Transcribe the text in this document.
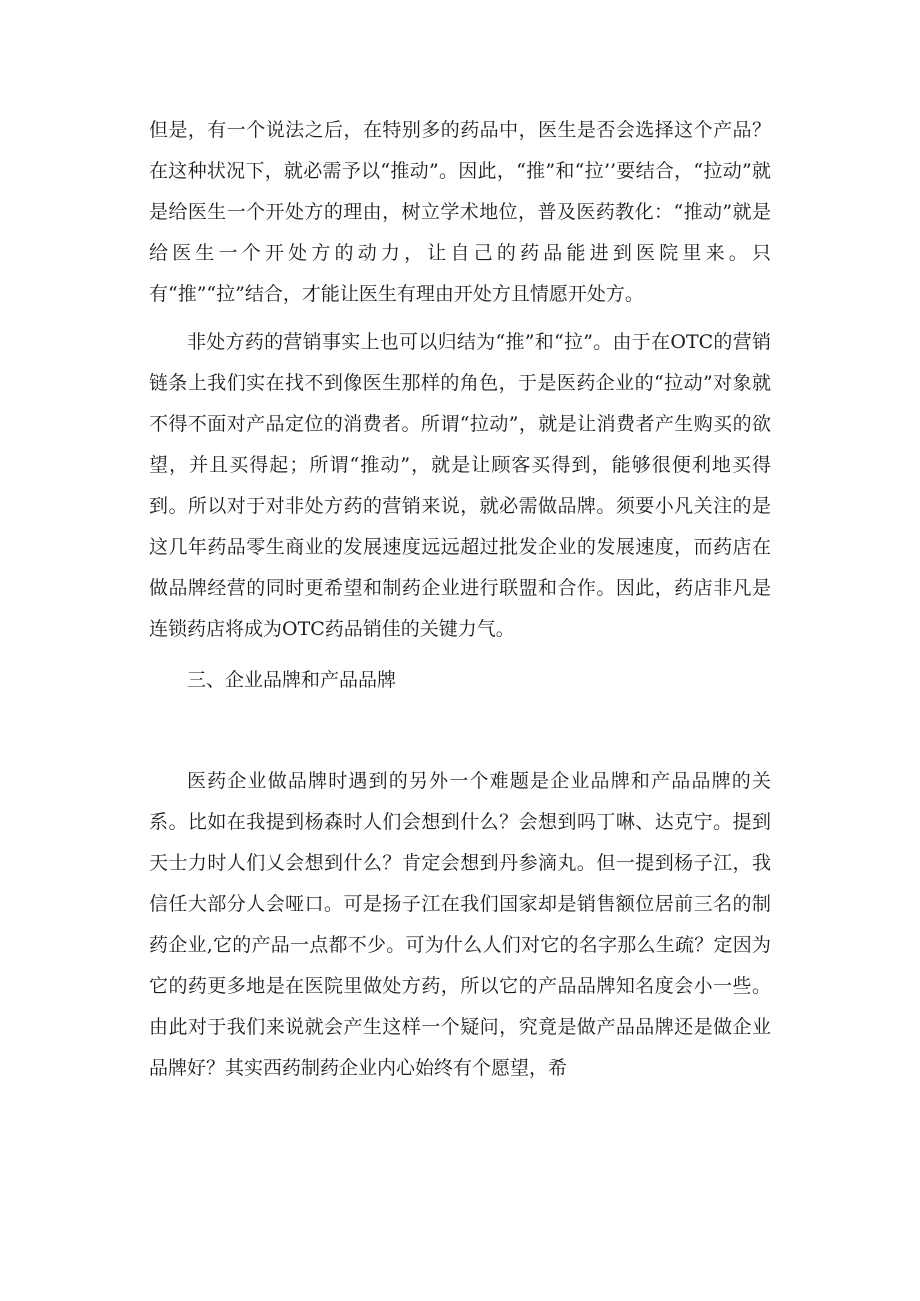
但是，有一个说法之后，在特别多的药品中，医生是否会选择这个产品？在这种状况下，就必需予以“推动”。因此，“推”和“拉’’要结合，“拉动”就是给医生一个开处方的理由，树立学术地位，普及医药教化：“推动”就是给医生一个开处方的动力，让自己的药品能进到医院里来。只有“推”“拉”结合，才能让医生有理由开处方且情愿开处方。

非处方药的营销事实上也可以归结为“推”和“拉”。由于在OTC的营销链条上我们实在找不到像医生那样的角色，于是医药企业的“拉动”对象就不得不面对产品定位的消费者。所谓“拉动”，就是让消费者产生购买的欲望，并且买得起；所谓“推动”，就是让顾客买得到，能够很便利地买得到。所以对于对非处方药的营销来说，就必需做品牌。须要小凡关注的是这几年药品零生商业的发展速度远远超过批发企业的发展速度，而药店在做品牌经营的同时更希望和制药企业进行联盟和合作。因此，药店非凡是连锁药店将成为OTC药品销佳的关键力气。

三、企业品牌和产品品牌

医药企业做品牌时遇到的另外一个难题是企业品牌和产品品牌的关系。比如在我提到杨森时人们会想到什么？会想到吗丁啉、达克宁。提到天士力时人们乂会想到什么？肯定会想到丹参滴丸。但一提到杨子江，我信任大部分人会哑口。可是扬子江在我们国家却是销售额位居前三名的制药企业,它的产品一点都不少。可为什么人们对它的名字那么生疏？定因为它的药更多地是在医院里做处方药，所以它的产品品牌知名度会小一些。由此对于我们来说就会产生这样一个疑问，究竟是做产品品牌还是做企业品牌好？其实西药制药企业内心始终有个愿望，希
